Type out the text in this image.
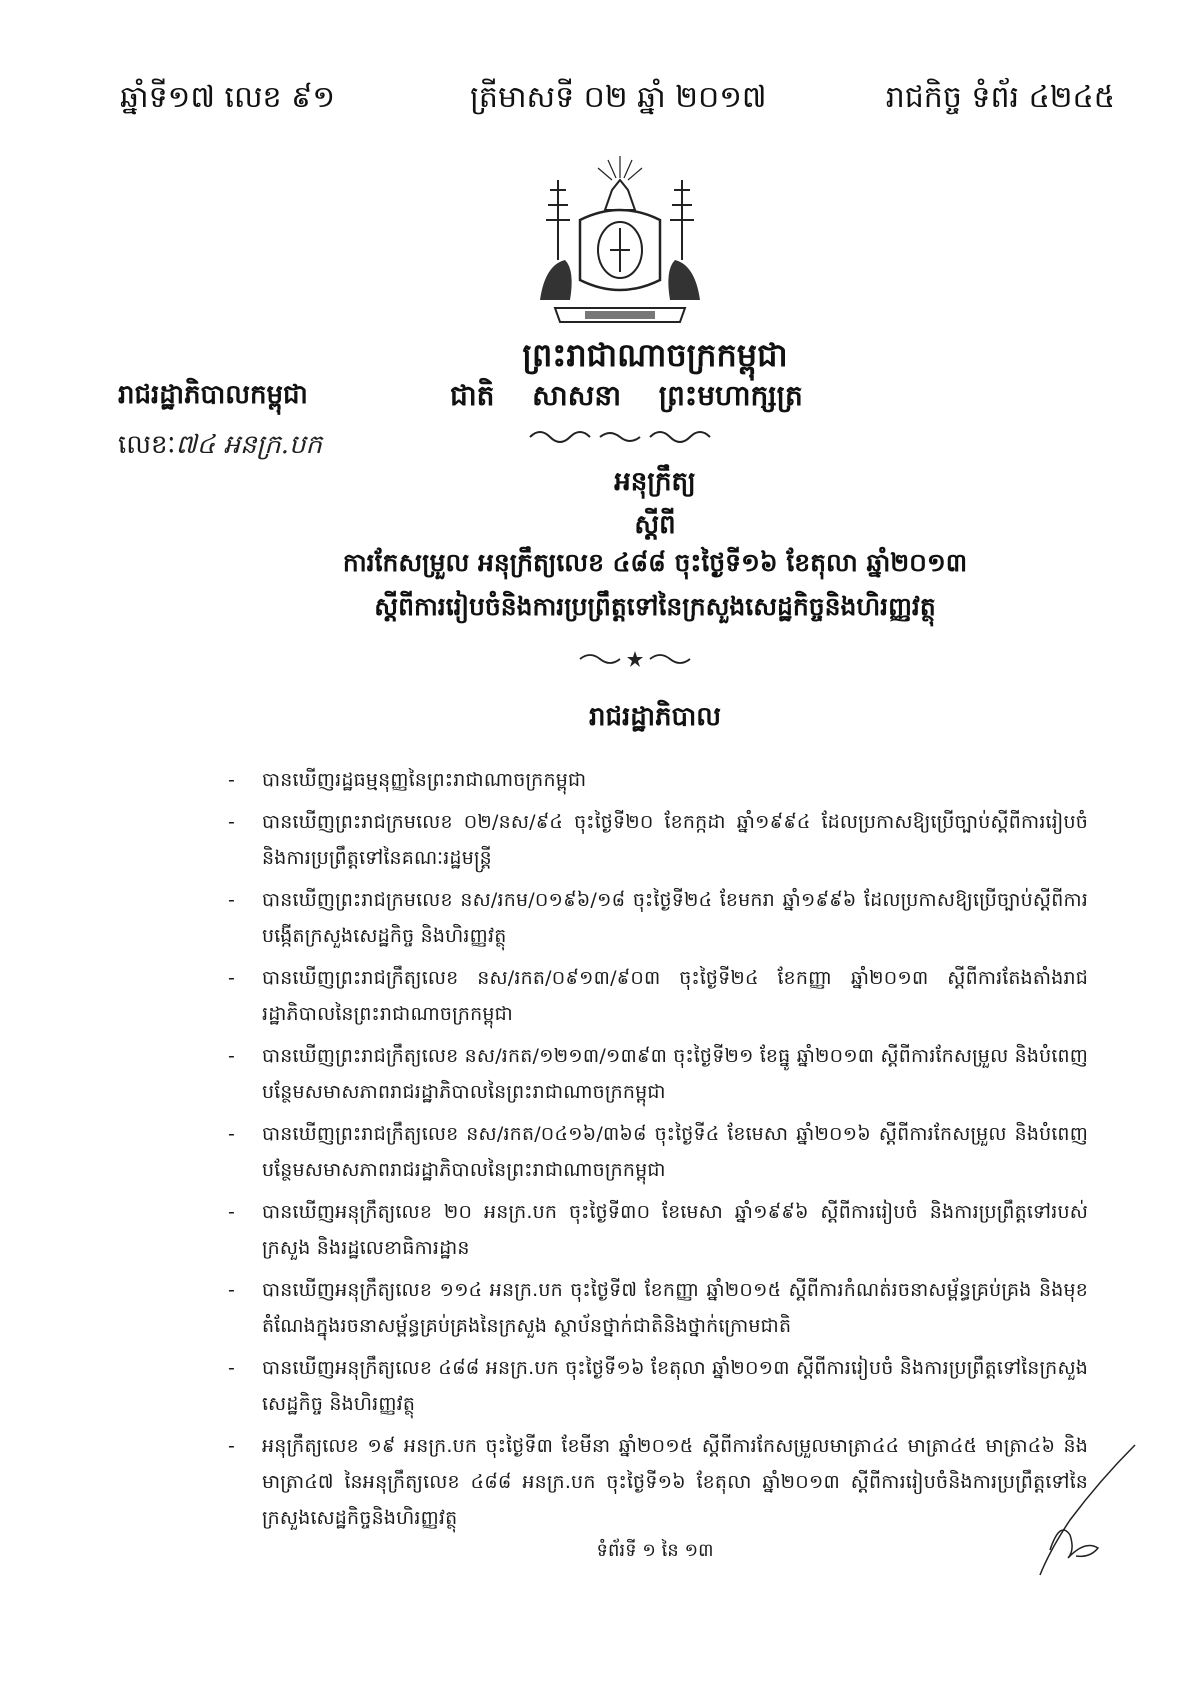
ឆ្នាំទី១៧ លេខ ៩១	ត្រីមាសទី ០២ ឆ្នាំ ២០១៧	រាជកិច្ច ទំព័រ ៤២៤៥
ព្រះរាជាណាចក្រកម្ពុជា
រាជរដ្ឋាភិបាលកម្ពុជា	ជាតិ សាសនា ព្រះមហាក្សត្រ
លេខៈ៧៤ អនក្រ.បក
អនុក្រឹត្យ
ស្តីពី
ការកែសម្រួល អនុក្រឹត្យលេខ ៤៨៨ ចុះថ្ងៃទី១៦ ខែតុលា ឆ្នាំ២០១៣
ស្តីពីការរៀបចំនិងការប្រព្រឹត្តទៅនៃក្រសួងសេដ្ឋកិច្ចនិងហិរញ្ញវត្ថុ
រាជរដ្ឋាភិបាល
- បានឃើញរដ្ឋធម្មនុញ្ញនៃព្រះរាជាណាចក្រកម្ពុជា
- បានឃើញព្រះរាជក្រមលេខ ០២/នស/៩៤ ចុះថ្ងៃទី២០ ខែកក្កដា ឆ្នាំ១៩៩៤ ដែលប្រកាសឱ្យប្រើច្បាប់ស្តីពីការរៀបចំ និងការប្រព្រឹត្តទៅនៃគណៈរដ្ឋមន្ត្រី
- បានឃើញព្រះរាជក្រមលេខ នស/រកម/០១៩៦/១៨ ចុះថ្ងៃទី២៤ ខែមករា ឆ្នាំ១៩៩៦ ដែលប្រកាសឱ្យប្រើច្បាប់ស្តីពីការបង្កើតក្រសួងសេដ្ឋកិច្ច និងហិរញ្ញវត្ថុ
- បានឃើញព្រះរាជក្រឹត្យលេខ នស/រកត/០៩១៣/៩០៣ ចុះថ្ងៃទី២៤ ខែកញ្ញា ឆ្នាំ២០១៣ ស្តីពីការតែងតាំងរាជរដ្ឋាភិបាលនៃព្រះរាជាណាចក្រកម្ពុជា
- បានឃើញព្រះរាជក្រឹត្យលេខ នស/រកត/១២១៣/១៣៩៣ ចុះថ្ងៃទី២១ ខែធ្នូ ឆ្នាំ២០១៣ ស្តីពីការកែសម្រួល និងបំពេញបន្ថែមសមាសភាពរាជរដ្ឋាភិបាលនៃព្រះរាជាណាចក្រកម្ពុជា
- បានឃើញព្រះរាជក្រឹត្យលេខ នស/រកត/០៤១៦/៣៦៨ ចុះថ្ងៃទី៤ ខែមេសា ឆ្នាំ២០១៦ ស្តីពីការកែសម្រួល និងបំពេញបន្ថែមសមាសភាពរាជរដ្ឋាភិបាលនៃព្រះរាជាណាចក្រកម្ពុជា
- បានឃើញអនុក្រឹត្យលេខ ២០ អនក្រ.បក ចុះថ្ងៃទី៣០ ខែមេសា ឆ្នាំ១៩៩៦ ស្តីពីការរៀបចំ និងការប្រព្រឹត្តទៅរបស់ក្រសួង និងរដ្ឋលេខាធិការដ្ឋាន
- បានឃើញអនុក្រឹត្យលេខ ១១៤ អនក្រ.បក ចុះថ្ងៃទី៧ ខែកញ្ញា ឆ្នាំ២០១៥ ស្តីពីការកំណត់រចនាសម្ព័ន្ធគ្រប់គ្រង និងមុខតំណែងក្នុងរចនាសម្ព័ន្ធគ្រប់គ្រងនៃក្រសួង ស្ថាប័នថ្នាក់ជាតិនិងថ្នាក់ក្រោមជាតិ
- បានឃើញអនុក្រឹត្យលេខ ៤៨៨ អនក្រ.បក ចុះថ្ងៃទី១៦ ខែតុលា ឆ្នាំ២០១៣ ស្តីពីការរៀបចំ និងការប្រព្រឹត្តទៅនៃក្រសួងសេដ្ឋកិច្ច និងហិរញ្ញវត្ថុ
- អនុក្រឹត្យលេខ ១៩ អនក្រ.បក ចុះថ្ងៃទី៣ ខែមីនា ឆ្នាំ២០១៥ ស្តីពីការកែសម្រួលមាត្រា៤៤ មាត្រា៤៥ មាត្រា៤៦ និងមាត្រា៤៧ នៃអនុក្រឹត្យលេខ ៤៨៨ អនក្រ.បក ចុះថ្ងៃទី១៦ ខែតុលា ឆ្នាំ២០១៣ ស្តីពីការរៀបចំនិងការប្រព្រឹត្តទៅនៃក្រសួងសេដ្ឋកិច្ចនិងហិរញ្ញវត្ថុ
ទំព័រទី ១ នៃ ១៣
